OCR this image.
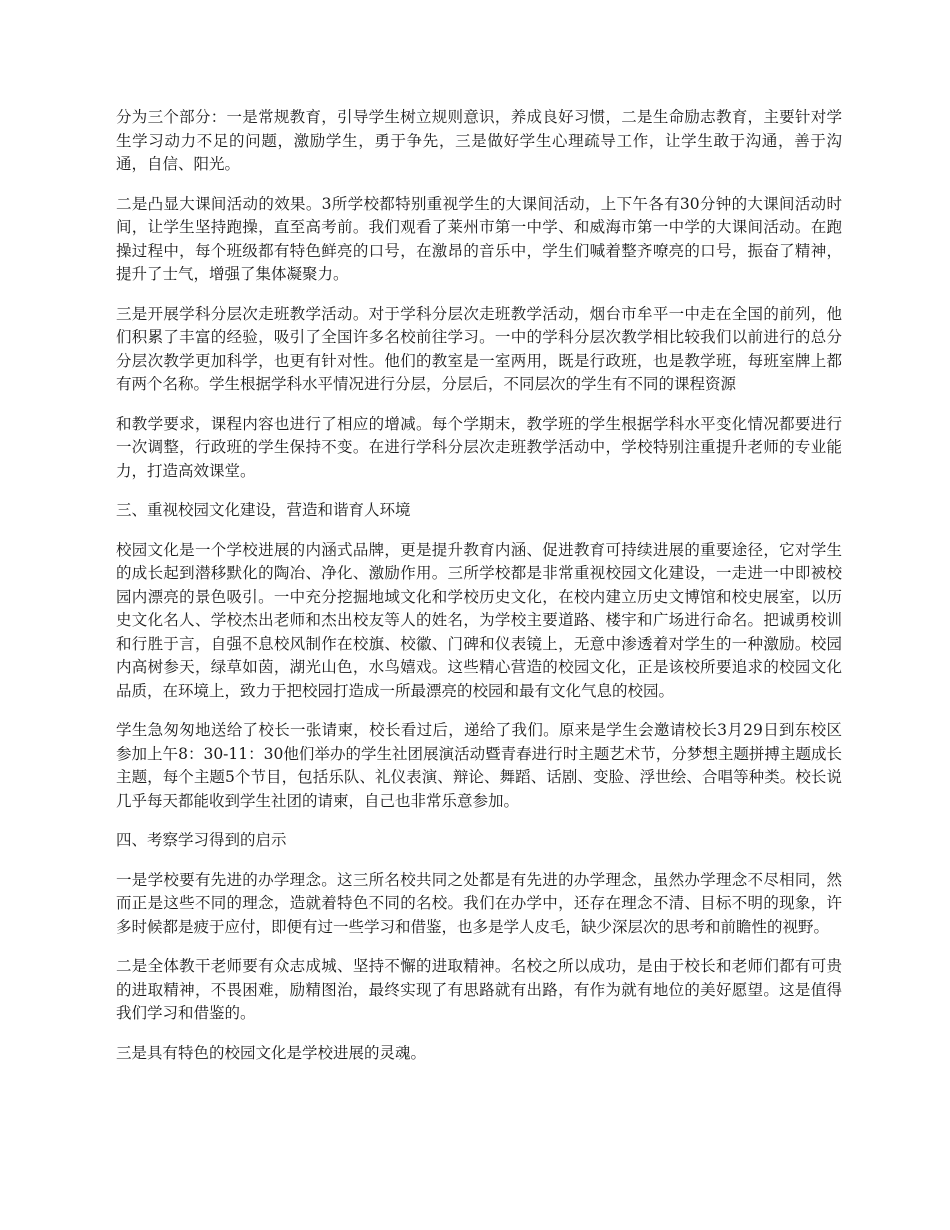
分为三个部分：一是常规教育，引导学生树立规则意识，养成良好习惯，二是生命励志教育，主要针对学生学习动力不足的问题，激励学生，勇于争先，三是做好学生心理疏导工作，让学生敢于沟通，善于沟通，自信、阳光。

二是凸显大课间活动的效果。3所学校都特别重视学生的大课间活动，上下午各有30分钟的大课间活动时间，让学生坚持跑操，直至高考前。我们观看了莱州市第一中学、和威海市第一中学的大课间活动。在跑操过程中，每个班级都有特色鲜亮的口号，在激昂的音乐中，学生们喊着整齐嘹亮的口号，振奋了精神，提升了士气，增强了集体凝聚力。

三是开展学科分层次走班教学活动。对于学科分层次走班教学活动，烟台市牟平一中走在全国的前列，他们积累了丰富的经验，吸引了全国许多名校前往学习。一中的学科分层次教学相比较我们以前进行的总分分层次教学更加科学，也更有针对性。他们的教室是一室两用，既是行政班，也是教学班，每班室牌上都有两个名称。学生根据学科水平情况进行分层，分层后，不同层次的学生有不同的课程资源

和教学要求，课程内容也进行了相应的增减。每个学期末，教学班的学生根据学科水平变化情况都要进行一次调整，行政班的学生保持不变。在进行学科分层次走班教学活动中，学校特别注重提升老师的专业能力，打造高效课堂。

三、重视校园文化建设，营造和谐育人环境

校园文化是一个学校进展的内涵式品牌，更是提升教育内涵、促进教育可持续进展的重要途径，它对学生的成长起到潜移默化的陶冶、净化、激励作用。三所学校都是非常重视校园文化建设，一走进一中即被校园内漂亮的景色吸引。一中充分挖掘地域文化和学校历史文化，在校内建立历史文博馆和校史展室，以历史文化名人、学校杰出老师和杰出校友等人的姓名，为学校主要道路、楼宇和广场进行命名。把诚勇校训和行胜于言，自强不息校风制作在校旗、校徽、门碑和仪表镜上，无意中渗透着对学生的一种激励。校园内高树参天，绿草如茵，湖光山色，水鸟嬉戏。这些精心营造的校园文化，正是该校所要追求的校园文化品质，在环境上，致力于把校园打造成一所最漂亮的校园和最有文化气息的校园。

学生急匆匆地送给了校长一张请柬，校长看过后，递给了我们。原来是学生会邀请校长3月29日到东校区参加上午8：30-11：30他们举办的学生社团展演活动暨青春进行时主题艺术节，分梦想主题拼搏主题成长主题，每个主题5个节目，包括乐队、礼仪表演、辩论、舞蹈、话剧、变脸、浮世绘、合唱等种类。校长说几乎每天都能收到学生社团的请柬，自己也非常乐意参加。

四、考察学习得到的启示

一是学校要有先进的办学理念。这三所名校共同之处都是有先进的办学理念，虽然办学理念不尽相同，然而正是这些不同的理念，造就着特色不同的名校。我们在办学中，还存在理念不清、目标不明的现象，许多时候都是疲于应付，即便有过一些学习和借鉴，也多是学人皮毛，缺少深层次的思考和前瞻性的视野。

二是全体教干老师要有众志成城、坚持不懈的进取精神。名校之所以成功，是由于校长和老师们都有可贵的进取精神，不畏困难，励精图治，最终实现了有思路就有出路，有作为就有地位的美好愿望。这是值得我们学习和借鉴的。

三是具有特色的校园文化是学校进展的灵魂。
